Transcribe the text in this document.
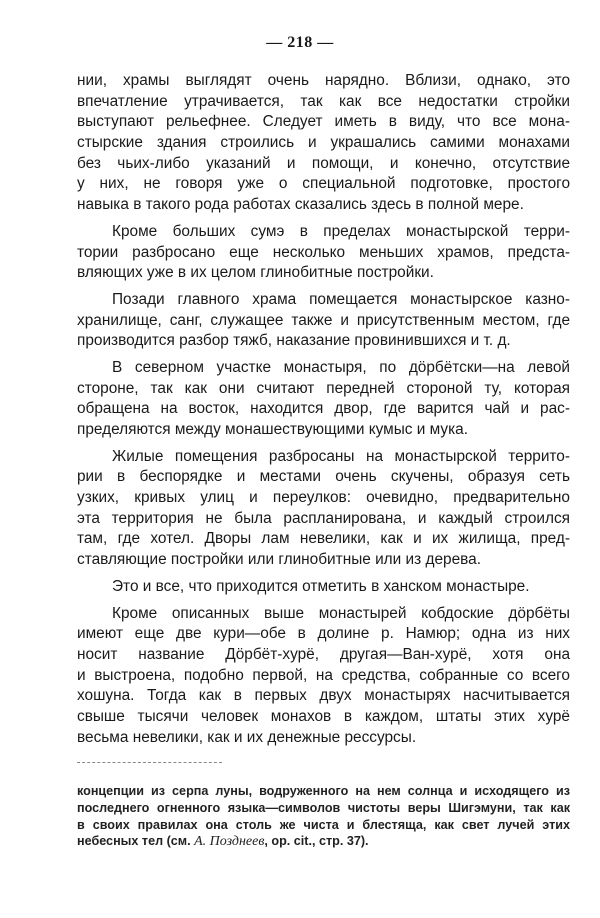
— 218 —
нии, храмы выглядят очень нарядно. Вблизи, однако, это
впечатление утрачивается, так как все недостатки стройки
выступают рельефнее. Следует иметь в виду, что все мона-
стырские здания строились и украшались самими монахами
без чьих-либо указаний и помощи, и конечно, отсутствие
у них, не говоря уже о специальной подготовке, простого
навыка в такого рода работах сказались здесь в полной мере.
Кроме больших сумэ в пределах монастырской терри-
тории разбросано еще несколько меньших храмов, предста-
вляющих уже в их целом глинобитные постройки.
Позади главного храма помещается монастырское казно-
хранилище, санг, служащее также и присутственным местом, где
производится разбор тяжб, наказание провинившихся и т. д.
В северном участке монастыря, по дöрбётски—на левой
стороне, так как они считают передней стороной ту, которая
обращена на восток, находится двор, где варится чай и рас-
пределяются между монашествующими кумыс и мука.
Жилые помещения разбросаны на монастырской террито-
рии в беспорядке и местами очень скучены, образуя сеть
узких, кривых улиц и переулков: очевидно, предварительно
эта территория не была распланирована, и каждый строился
там, где хотел. Дворы лам невелики, как и их жилища, пред-
ставляющие постройки или глинобитные или из дерева.
Это и все, что приходится отметить в ханском монастыре.
Кроме описанных выше монастырей кобдоские дöрбёты
имеют еще две кури—обе в долине р. Намюр; одна из них
носит название Дöрбёт-хурё, другая—Ван-хурё, хотя она
и выстроена, подобно первой, на средства, собранные со всего
хошуна. Тогда как в первых двух монастырях насчитывается
свыше тысячи человек монахов в каждом, штаты этих хурё
весьма невелики, как и их денежные рессурсы.
концепции из серпа луны, водруженного на нем солнца и исходящего из
последнего огненного языка—символов чистоты веры Шигэмуни, так как
в своих правилах она столь же чиста и блестяща, как свет лучей этих
небесных тел (см. А. Позднеев, op. cit., стр. 37).
